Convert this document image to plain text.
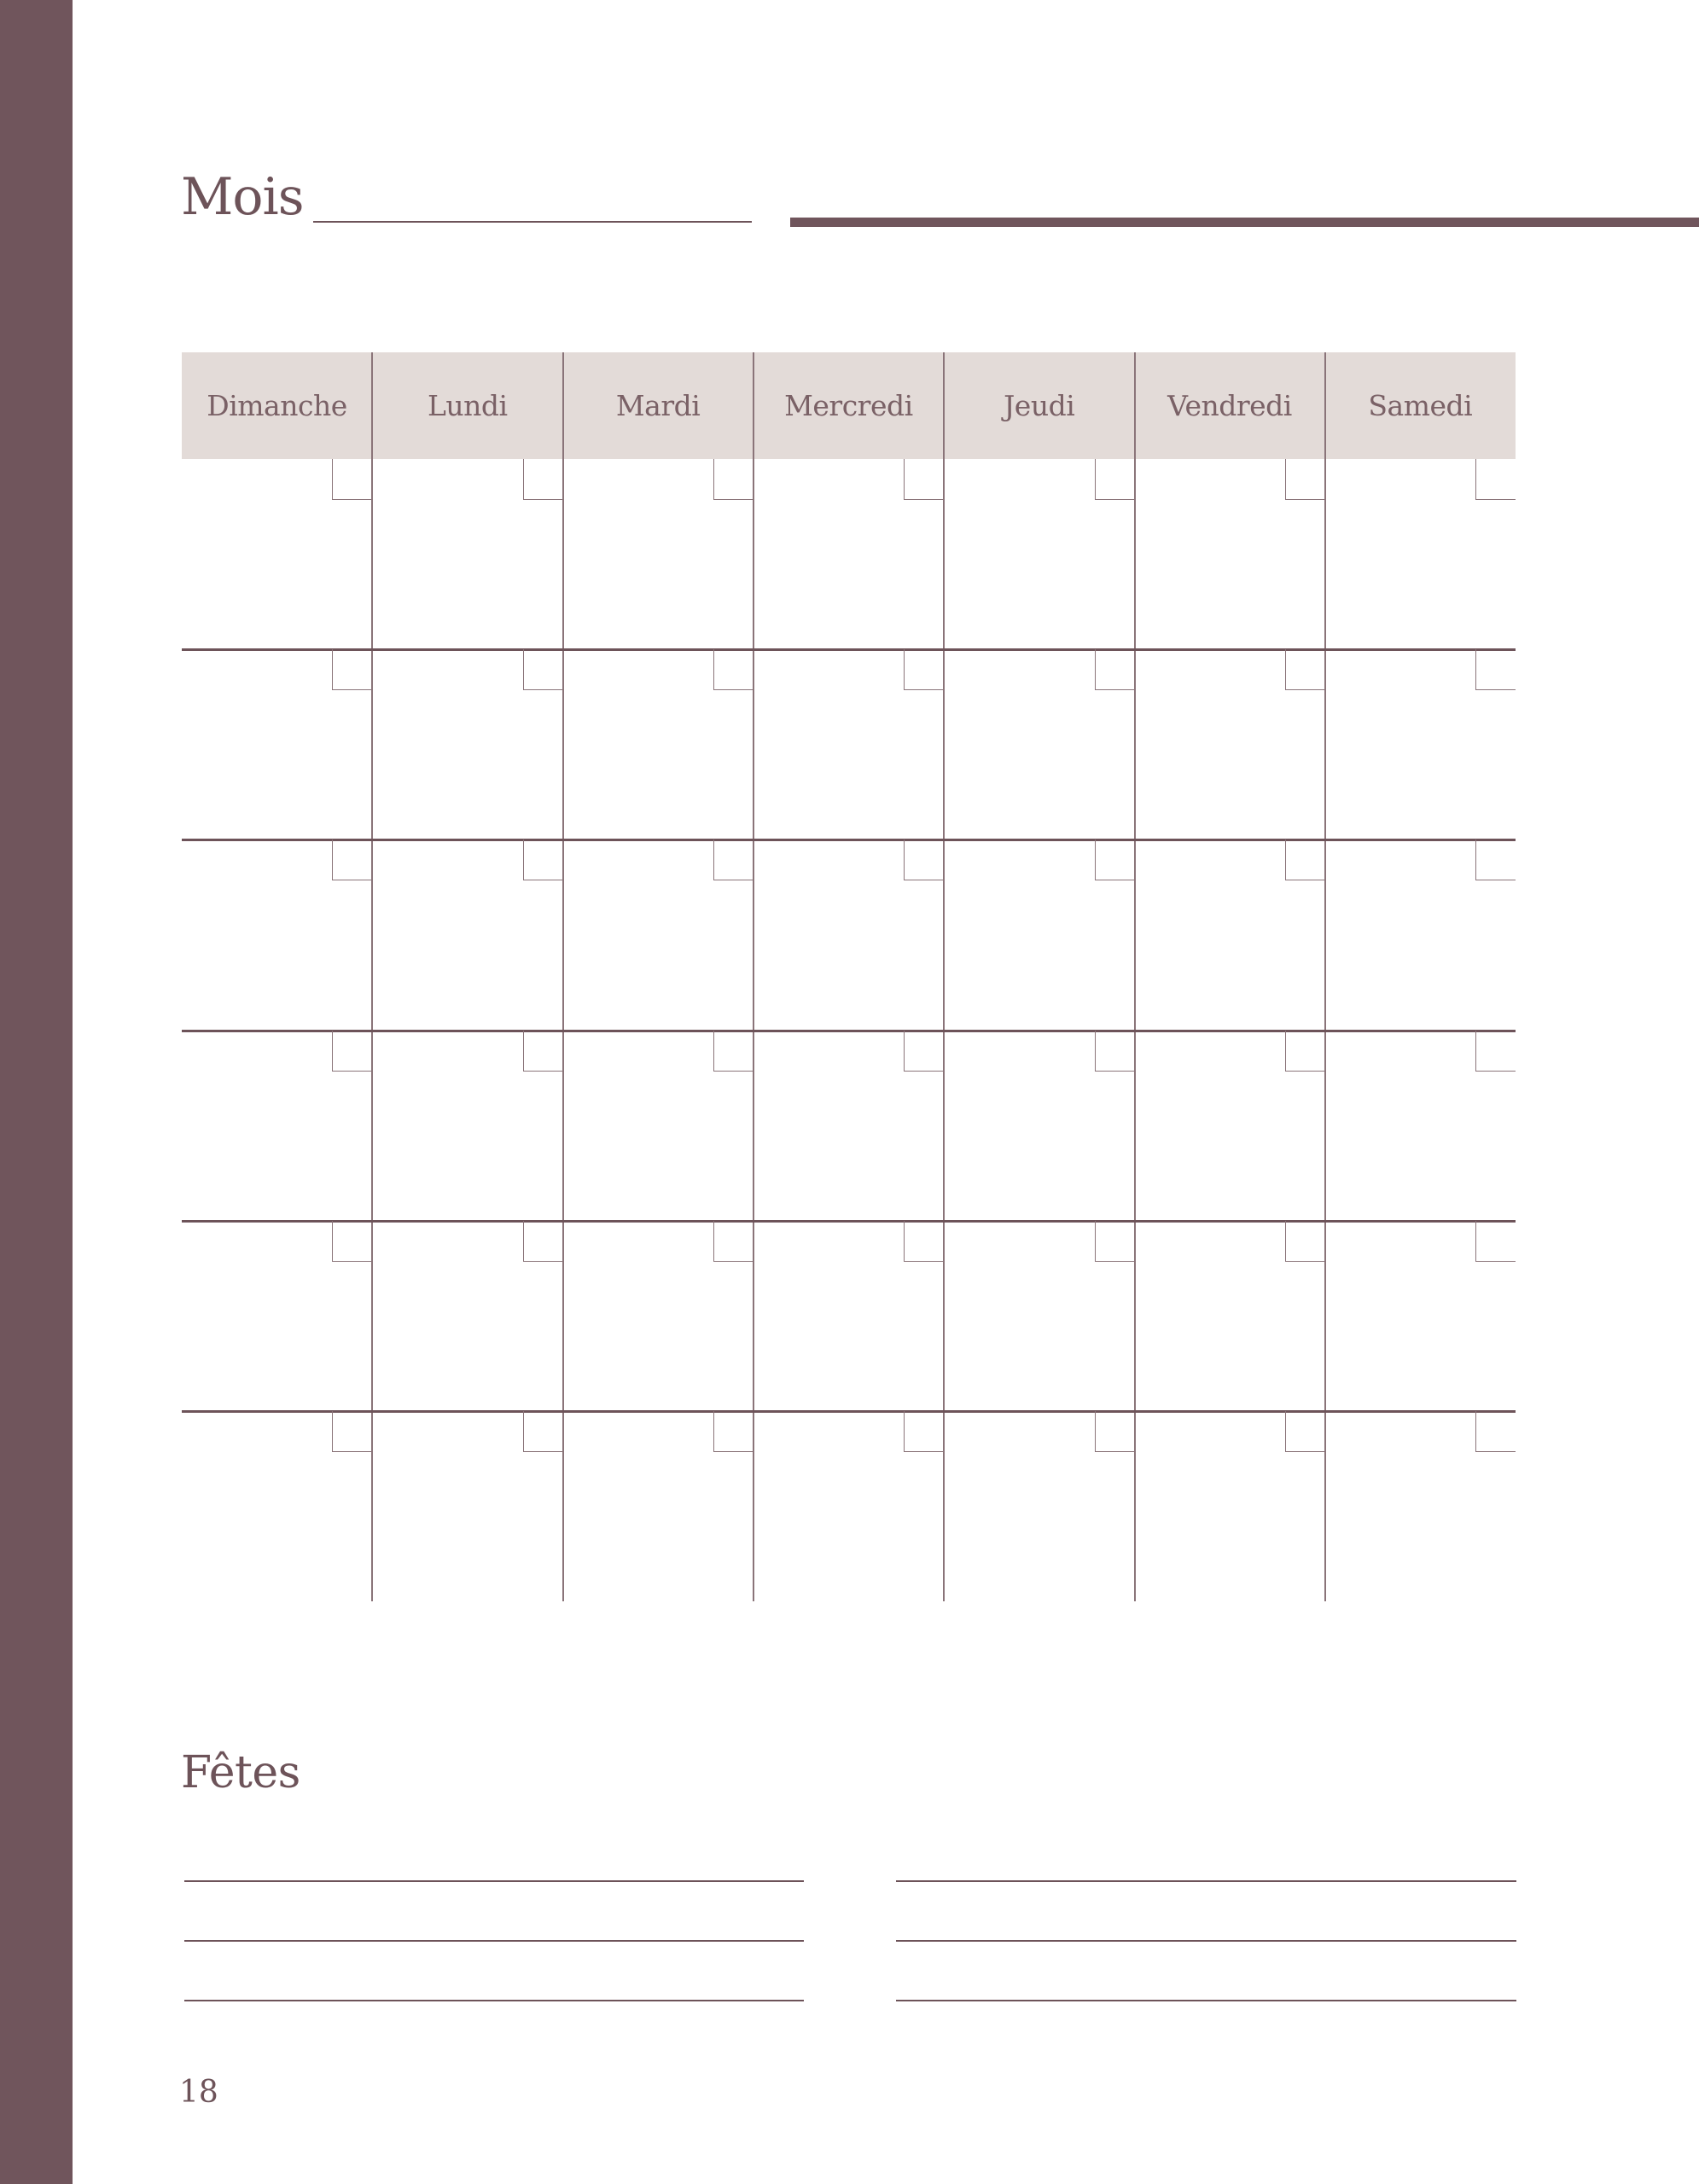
Mois
Dimanche	Lundi	Mardi	Mercredi	Jeudi	Vendredi	Samedi
Fêtes
18
